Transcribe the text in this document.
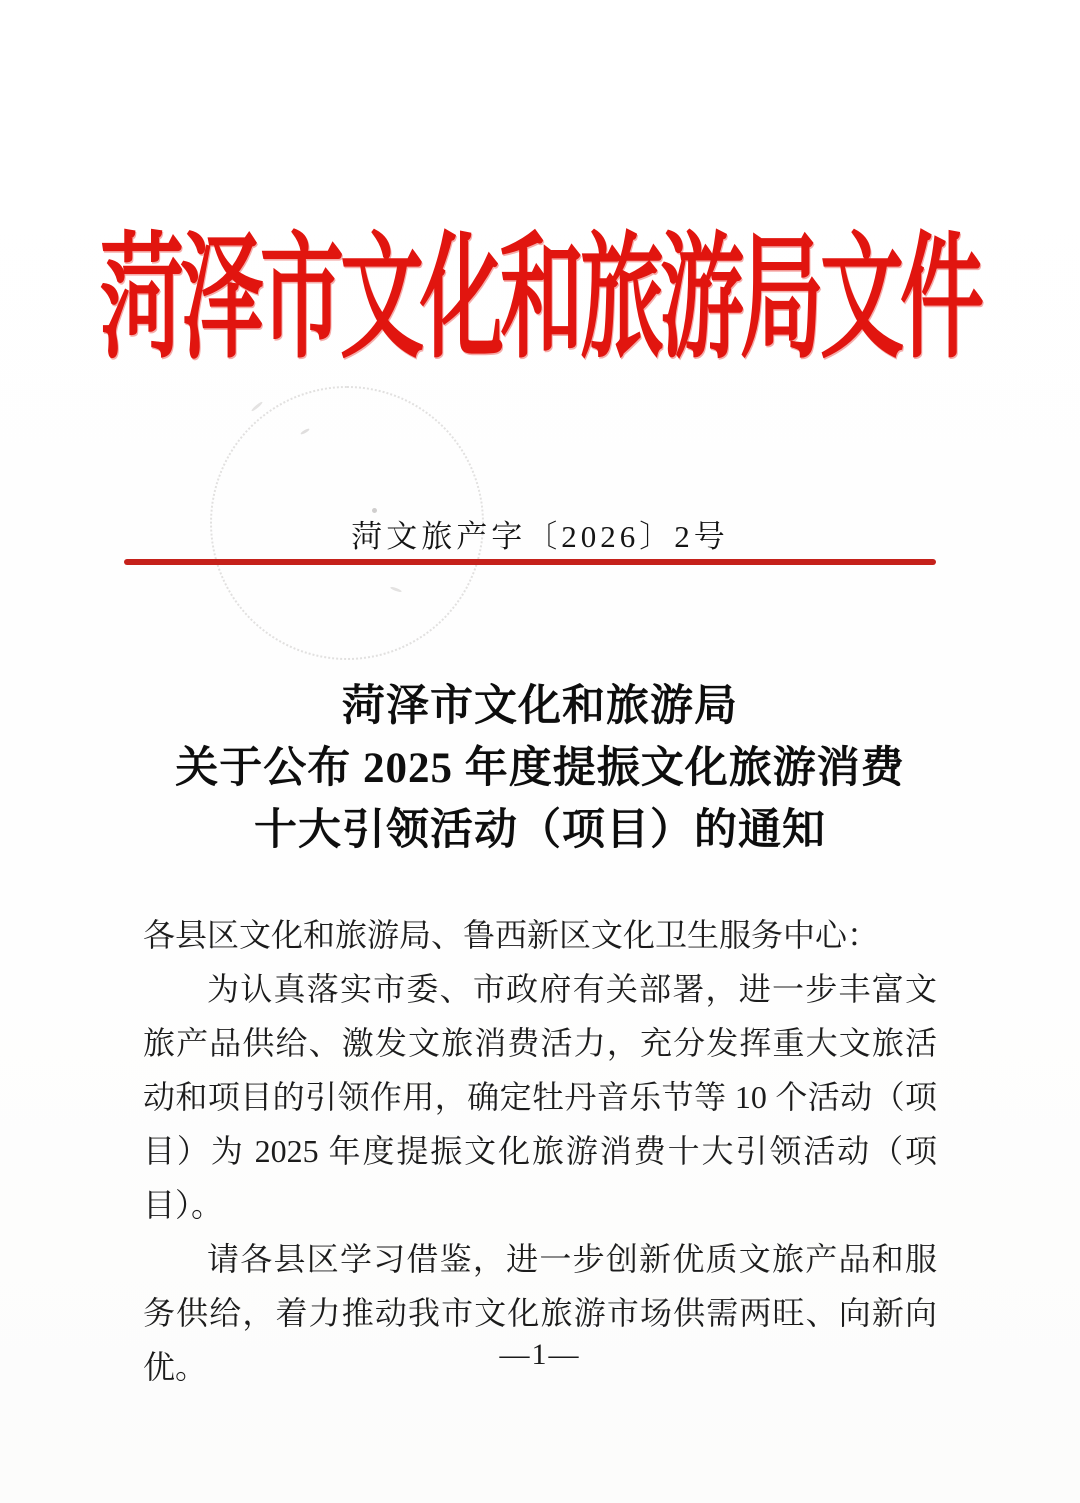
菏泽市文化和旅游局文件
菏文旅产字〔2026〕2号
菏泽市文化和旅游局
关于公布 2025 年度提振文化旅游消费
十大引领活动（项目）的通知

各县区文化和旅游局、鲁西新区文化卫生服务中心：

为认真落实市委、市政府有关部署，进一步丰富文旅产品供给、激发文旅消费活力，充分发挥重大文旅活动和项目的引领作用，确定牡丹音乐节等 10 个活动（项目）为 2025 年度提振文化旅游消费十大引领活动（项目）。

请各县区学习借鉴，进一步创新优质文旅产品和服务供给，着力推动我市文化旅游市场供需两旺、向新向优。	—1—
